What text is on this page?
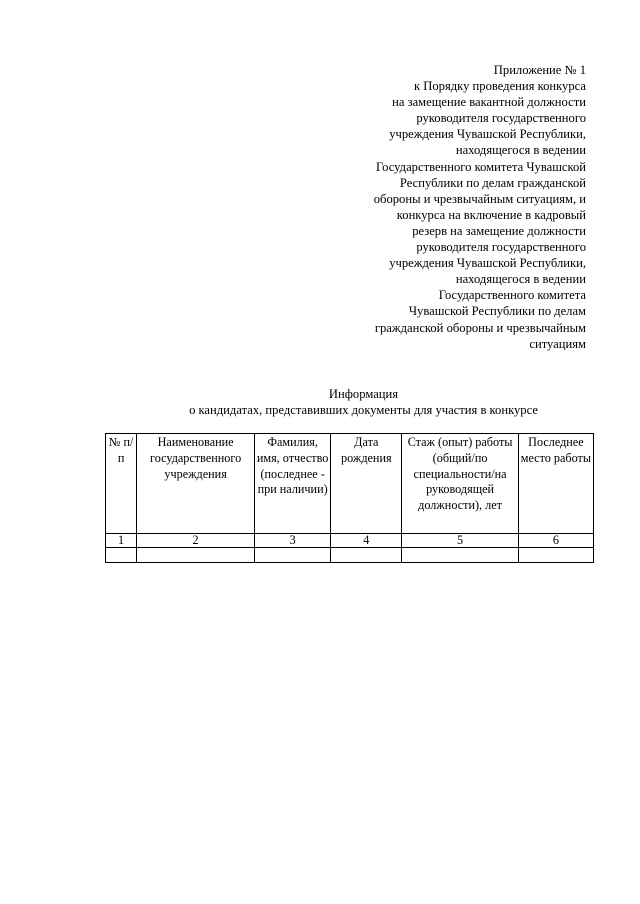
Приложение № 1
к Порядку проведения конкурса
на замещение вакантной должности
руководителя государственного
учреждения Чувашской Республики,
находящегося в ведении
Государственного комитета Чувашской
Республики по делам гражданской
обороны и чрезвычайным ситуациям, и
конкурса на включение в кадровый
резерв на замещение должности
руководителя государственного
учреждения Чувашской Республики,
находящегося в ведении
Государственного комитета
Чувашской Республики по делам
гражданской обороны и чрезвычайным
ситуациям
Информация
о кандидатах, представивших документы для участия в конкурсе
№ п/п	Наименование государственного учреждения	Фамилия, имя, отчество (последнее - при наличии)	Дата рождения	Стаж (опыт) работы (общий/по специальности/на руководящей должности), лет	Последнее место работы
1	2	3	4	5	6
